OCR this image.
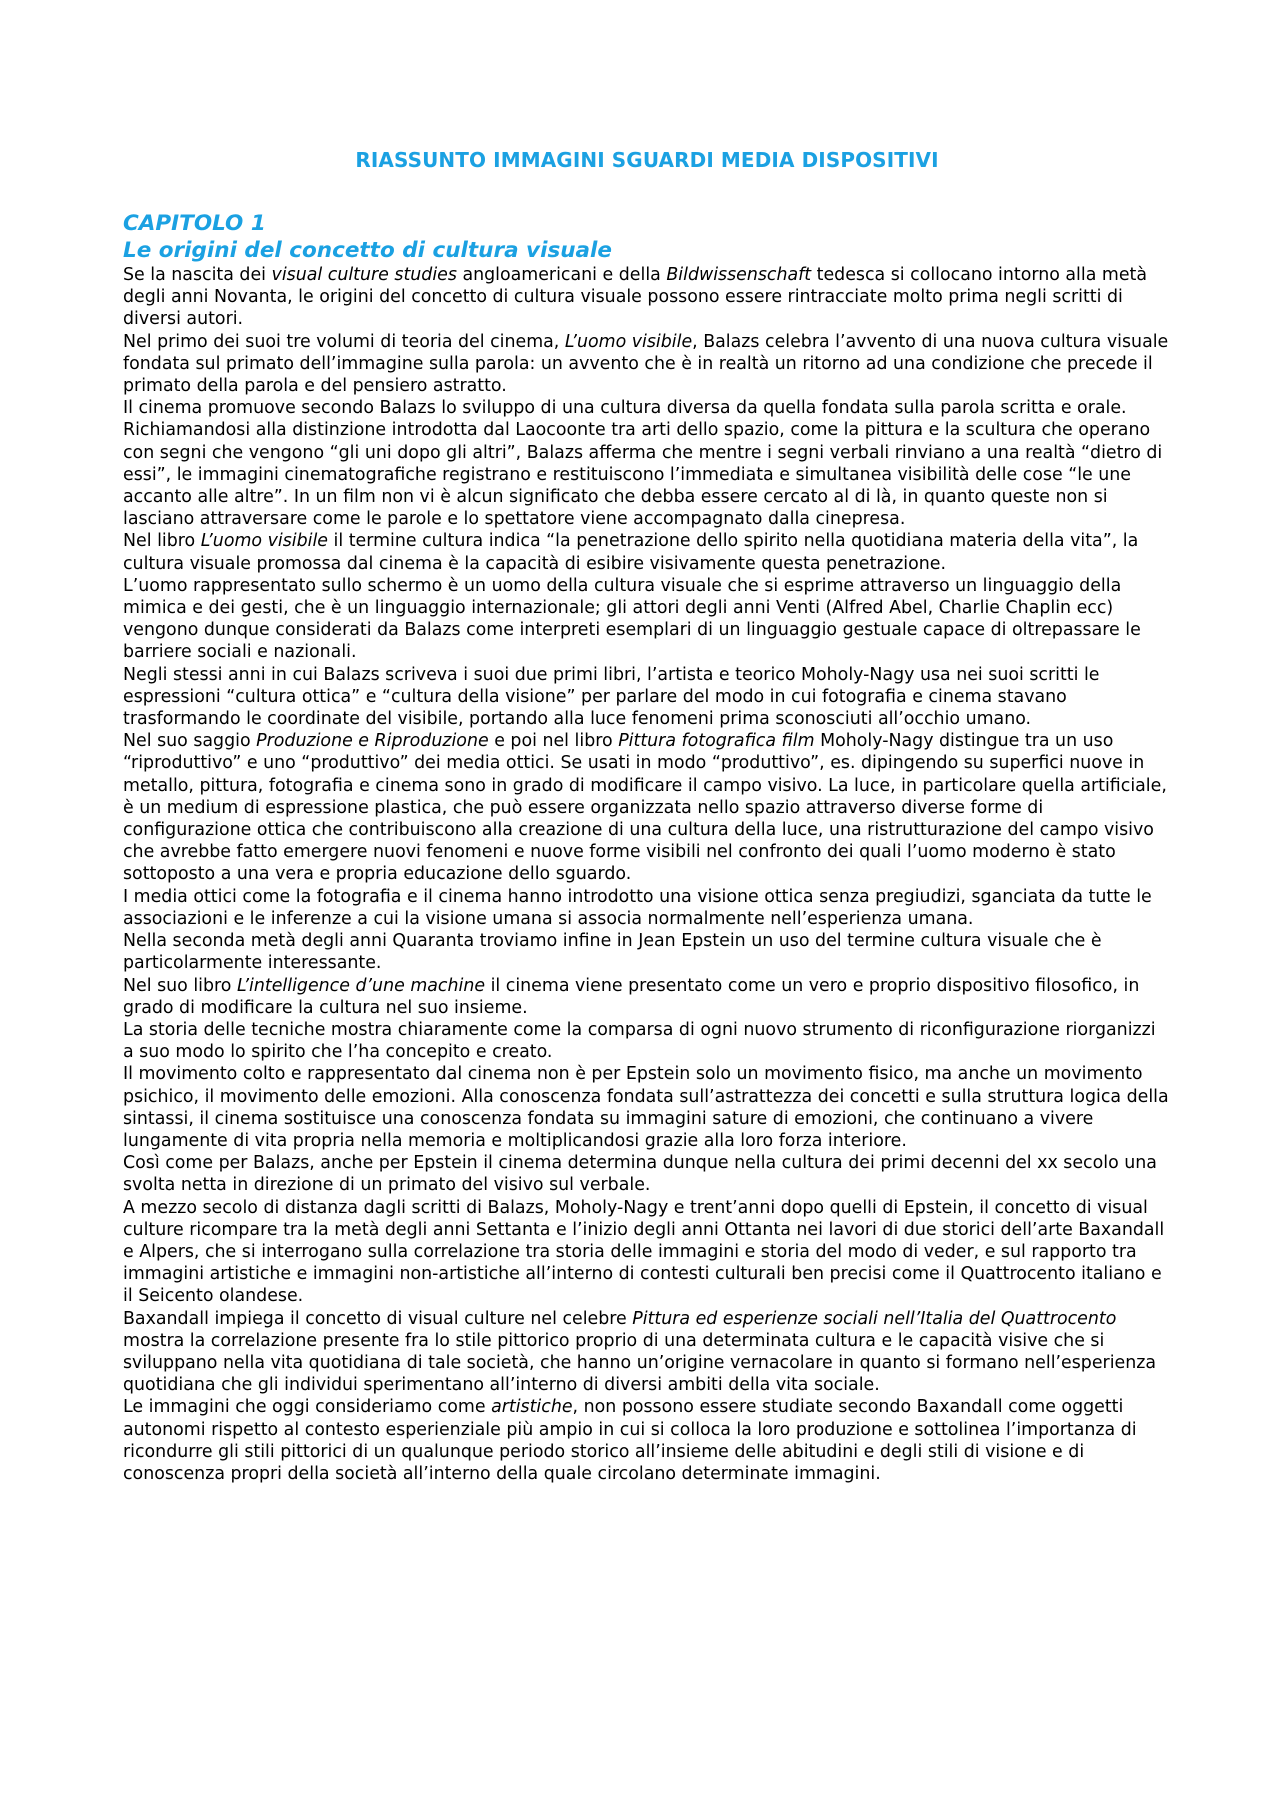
RIASSUNTO IMMAGINI SGUARDI MEDIA DISPOSITIVI
CAPITOLO 1
Le origini del concetto di cultura visuale

Se la nascita dei visual culture studies angloamericani e della Bildwissenschaft tedesca si collocano intorno alla metà degli anni Novanta, le origini del concetto di cultura visuale possono essere rintracciate molto prima negli scritti di diversi autori.

Nel primo dei suoi tre volumi di teoria del cinema, L’uomo visibile, Balazs celebra l’avvento di una nuova cultura visuale fondata sul primato dell’immagine sulla parola: un avvento che è in realtà un ritorno ad una condizione che precede il primato della parola e del pensiero astratto.

Il cinema promuove secondo Balazs lo sviluppo di una cultura diversa da quella fondata sulla parola scritta e orale. Richiamandosi alla distinzione introdotta dal Laocoonte tra arti dello spazio, come la pittura e la scultura che operano con segni che vengono “gli uni dopo gli altri”, Balazs afferma che mentre i segni verbali rinviano a una realtà “dietro di essi”, le immagini cinematografiche registrano e restituiscono l’immediata e simultanea visibilità delle cose “le une accanto alle altre”. In un film non vi è alcun significato che debba essere cercato al di là, in quanto queste non si lasciano attraversare come le parole e lo spettatore viene accompagnato dalla cinepresa.

Nel libro L’uomo visibile il termine cultura indica “la penetrazione dello spirito nella quotidiana materia della vita”, la cultura visuale promossa dal cinema è la capacità di esibire visivamente questa penetrazione.

L’uomo rappresentato sullo schermo è un uomo della cultura visuale che si esprime attraverso un linguaggio della mimica e dei gesti, che è un linguaggio internazionale; gli attori degli anni Venti (Alfred Abel, Charlie Chaplin ecc) vengono dunque considerati da Balazs come interpreti esemplari di un linguaggio gestuale capace di oltrepassare le barriere sociali e nazionali.

Negli stessi anni in cui Balazs scriveva i suoi due primi libri, l’artista e teorico Moholy-Nagy usa nei suoi scritti le espressioni “cultura ottica” e “cultura della visione” per parlare del modo in cui fotografia e cinema stavano trasformando le coordinate del visibile, portando alla luce fenomeni prima sconosciuti all’occhio umano.

Nel suo saggio Produzione e Riproduzione e poi nel libro Pittura fotografica film Moholy-Nagy distingue tra un uso “riproduttivo” e uno “produttivo” dei media ottici. Se usati in modo “produttivo”, es. dipingendo su superfici nuove in metallo, pittura, fotografia e cinema sono in grado di modificare il campo visivo. La luce, in particolare quella artificiale, è un medium di espressione plastica, che può essere organizzata nello spazio attraverso diverse forme di configurazione ottica che contribuiscono alla creazione di una cultura della luce, una ristrutturazione del campo visivo che avrebbe fatto emergere nuovi fenomeni e nuove forme visibili nel confronto dei quali l’uomo moderno è stato sottoposto a una vera e propria educazione dello sguardo.

I media ottici come la fotografia e il cinema hanno introdotto una visione ottica senza pregiudizi, sganciata da tutte le associazioni e le inferenze a cui la visione umana si associa normalmente nell’esperienza umana.

Nella seconda metà degli anni Quaranta troviamo infine in Jean Epstein un uso del termine cultura visuale che è particolarmente interessante.

Nel suo libro L’intelligence d’une machine il cinema viene presentato come un vero e proprio dispositivo filosofico, in grado di modificare la cultura nel suo insieme.

La storia delle tecniche mostra chiaramente come la comparsa di ogni nuovo strumento di riconfigurazione riorganizzi a suo modo lo spirito che l’ha concepito e creato.

Il movimento colto e rappresentato dal cinema non è per Epstein solo un movimento fisico, ma anche un movimento psichico, il movimento delle emozioni. Alla conoscenza fondata sull’astrattezza dei concetti e sulla struttura logica della sintassi, il cinema sostituisce una conoscenza fondata su immagini sature di emozioni, che continuano a vivere lungamente di vita propria nella memoria e moltiplicandosi grazie alla loro forza interiore.

Così come per Balazs, anche per Epstein il cinema determina dunque nella cultura dei primi decenni del xx secolo una svolta netta in direzione di un primato del visivo sul verbale.

A mezzo secolo di distanza dagli scritti di Balazs, Moholy-Nagy e trent’anni dopo quelli di Epstein, il concetto di visual culture ricompare tra la metà degli anni Settanta e l’inizio degli anni Ottanta nei lavori di due storici dell’arte Baxandall e Alpers, che si interrogano sulla correlazione tra storia delle immagini e storia del modo di veder, e sul rapporto tra immagini artistiche e immagini non-artistiche all’interno di contesti culturali ben precisi come il Quattrocento italiano e il Seicento olandese.

Baxandall impiega il concetto di visual culture nel celebre Pittura ed esperienze sociali nell’Italia del Quattrocento mostra la correlazione presente fra lo stile pittorico proprio di una determinata cultura e le capacità visive che si sviluppano nella vita quotidiana di tale società, che hanno un’origine vernacolare in quanto si formano nell’esperienza quotidiana che gli individui sperimentano all’interno di diversi ambiti della vita sociale.

Le immagini che oggi consideriamo come artistiche, non possono essere studiate secondo Baxandall come oggetti autonomi rispetto al contesto esperienziale più ampio in cui si colloca la loro produzione e sottolinea l’importanza di ricondurre gli stili pittorici di un qualunque periodo storico all’insieme delle abitudini e degli stili di visione e di conoscenza propri della società all’interno della quale circolano determinate immagini.
